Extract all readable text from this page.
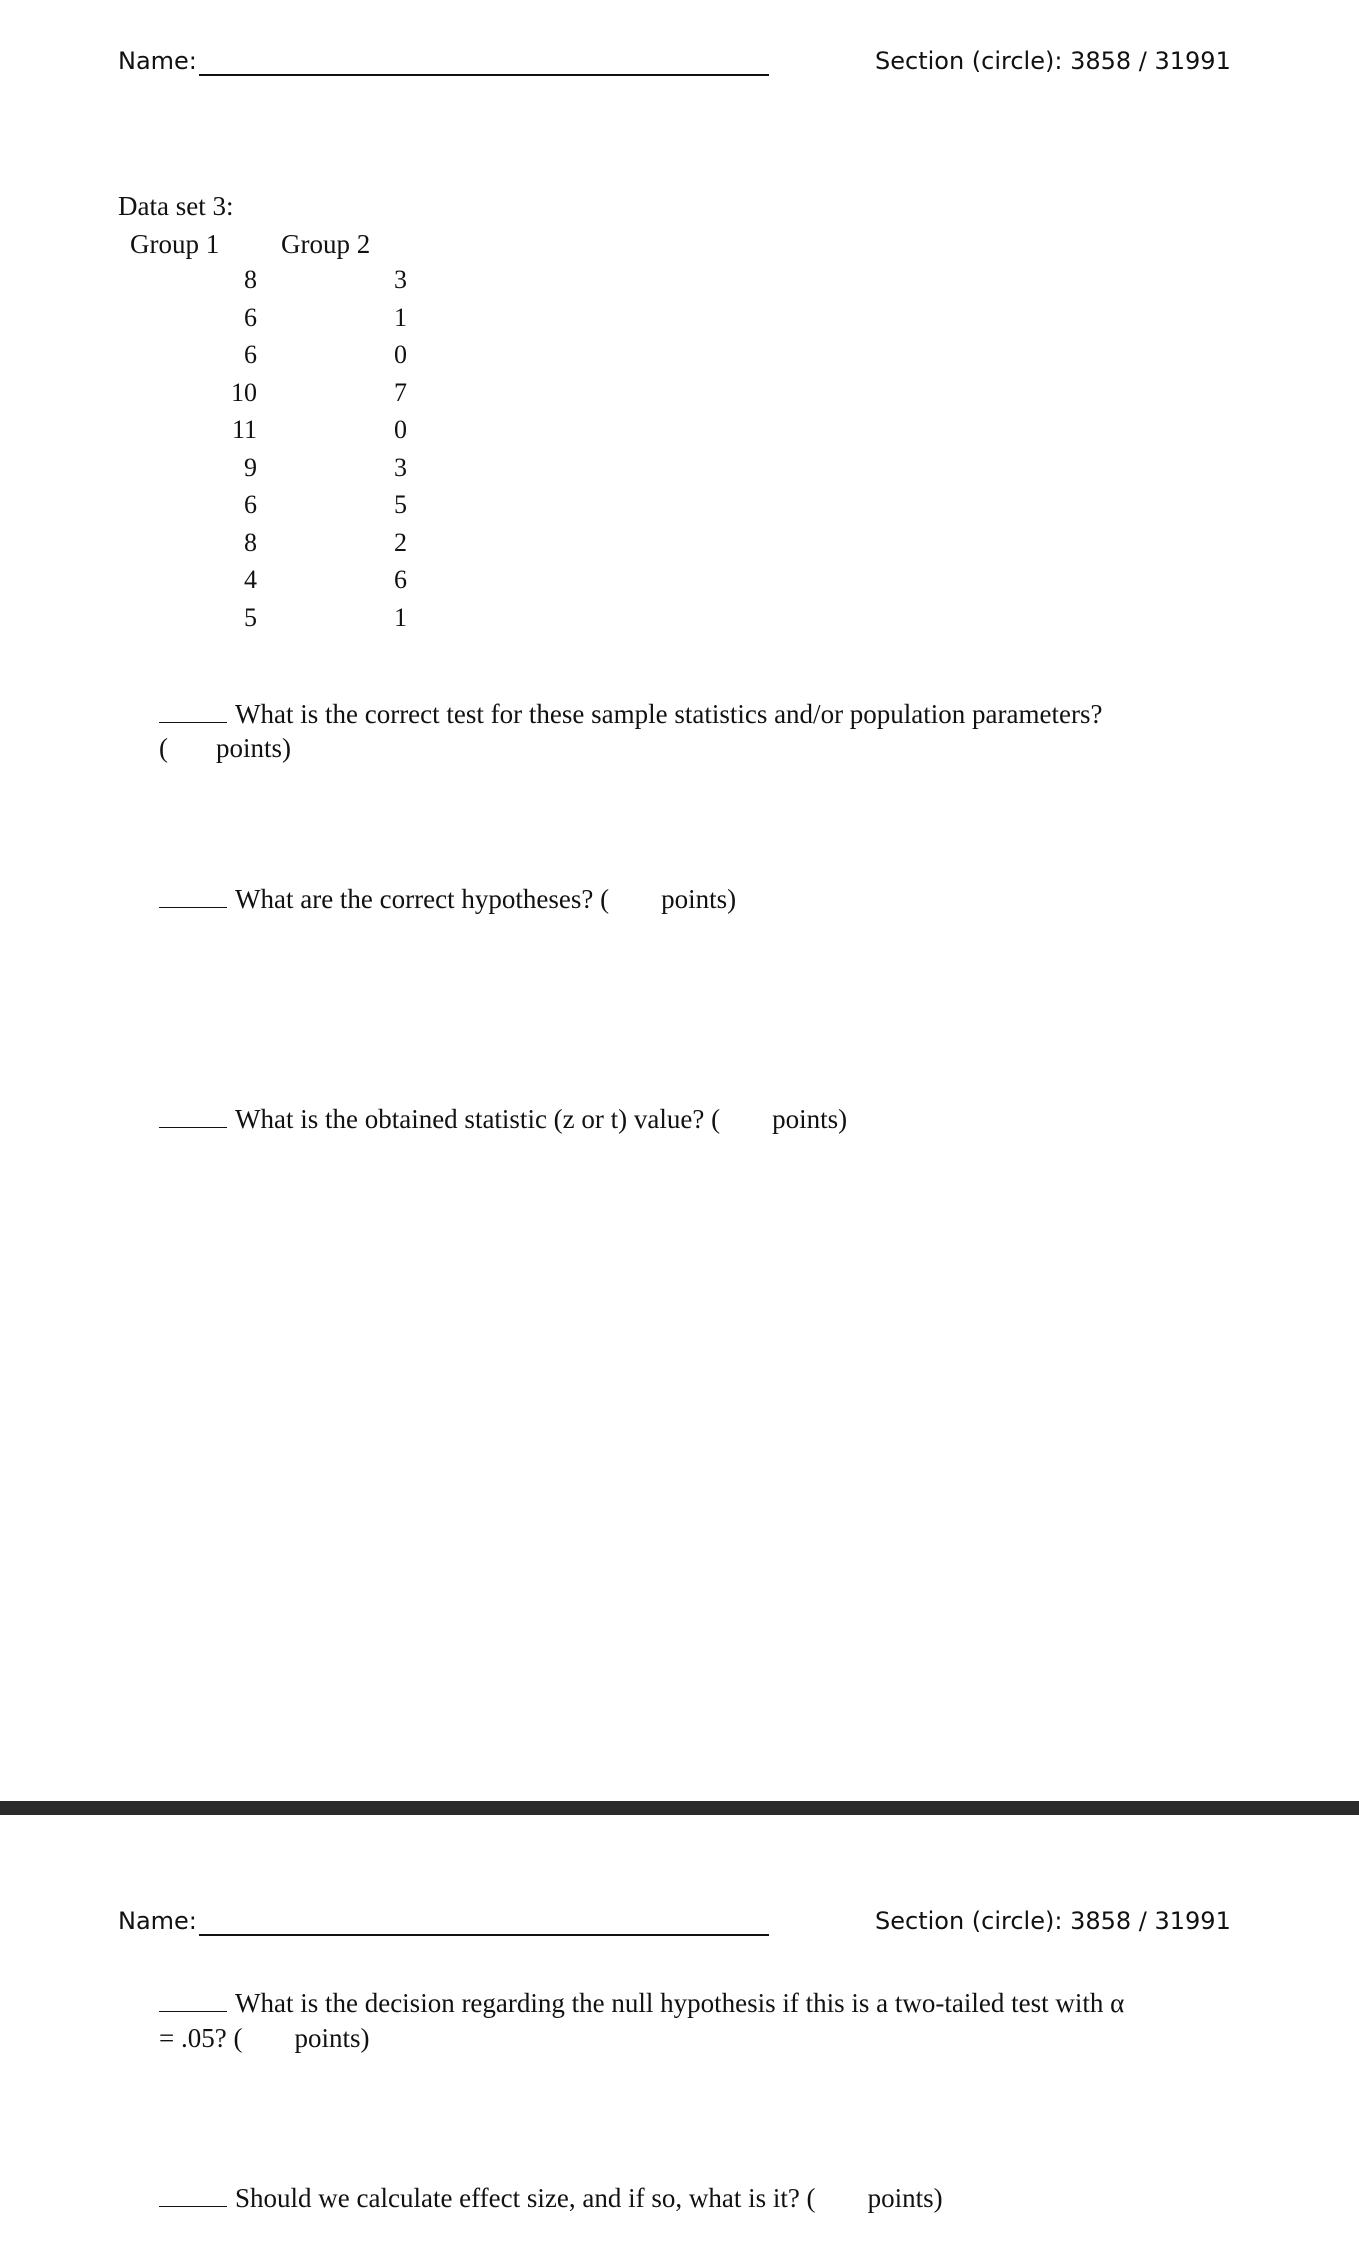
Name:	Section (circle): 3858 / 31991
Data set 3:
Group 1 Group 2
8
6
6
10
11
9
6
8
4
5
3
1
0
7
0
3
5
2
6
1
What is the correct test for these sample statistics and/or population parameters?
( points)
What are the correct hypotheses? ( points)
What is the obtained statistic (z or t) value? ( points)
Name:	Section (circle): 3858 / 31991
What is the decision regarding the null hypothesis if this is a two-tailed test with α
= .05? ( points)
Should we calculate effect size, and if so, what is it? ( points)
